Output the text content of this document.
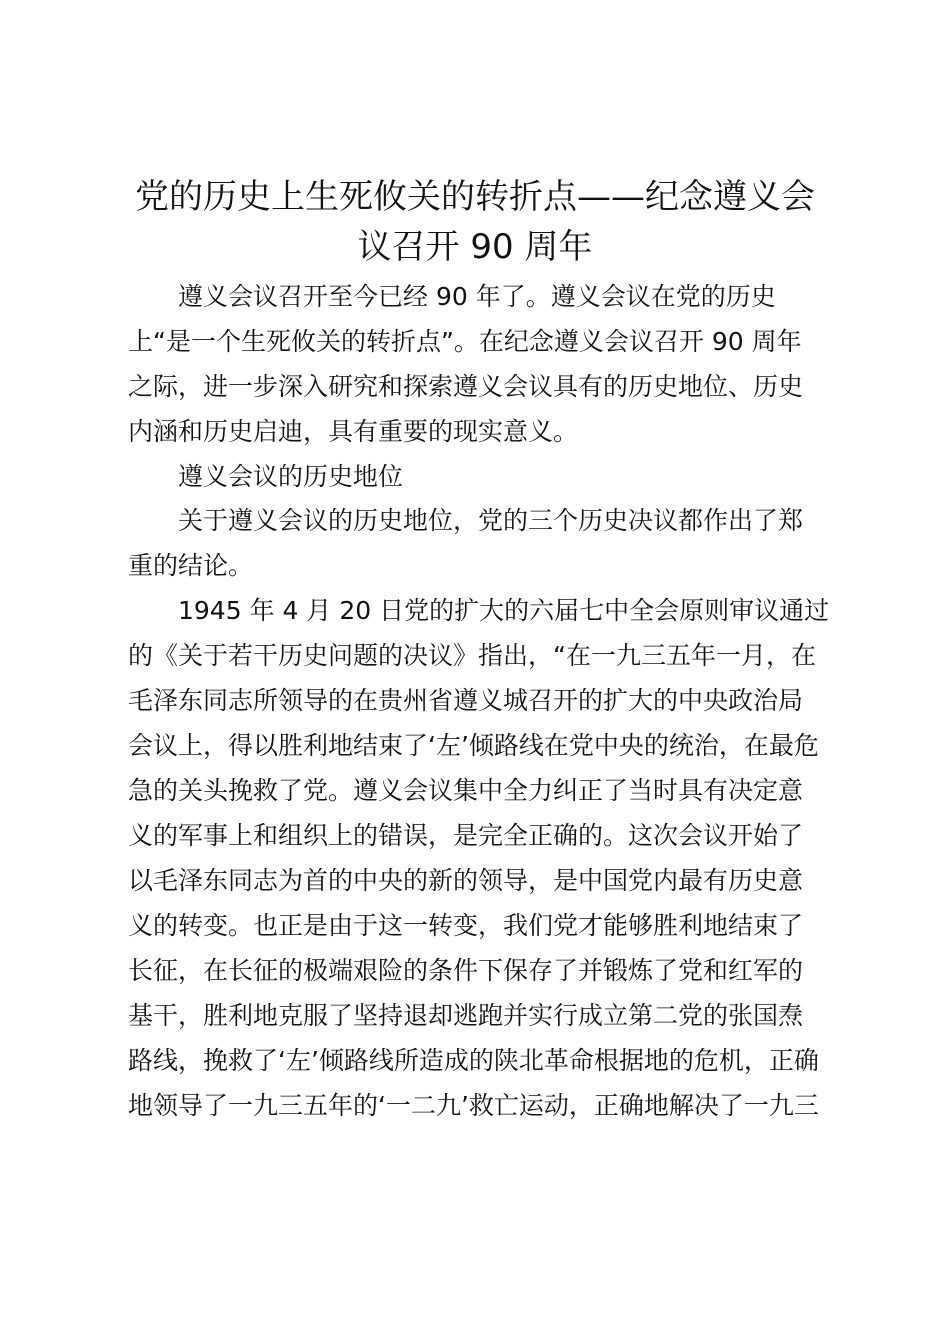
党的历史上生死攸关的转折点——纪念遵义会
议召开 90 周年
遵义会议召开至今已经 90 年了。遵义会议在党的历史
上“是一个生死攸关的转折点”。在纪念遵义会议召开 90 周年
之际，进一步深入研究和探索遵义会议具有的历史地位、历史
内涵和历史启迪，具有重要的现实意义。
遵义会议的历史地位
关于遵义会议的历史地位，党的三个历史决议都作出了郑
重的结论。
1945 年 4 月 20 日党的扩大的六届七中全会原则审议通过
的《关于若干历史问题的决议》指出，“在一九三五年一月，在
毛泽东同志所领导的在贵州省遵义城召开的扩大的中央政治局
会议上，得以胜利地结束了‘左’倾路线在党中央的统治，在最危
急的关头挽救了党。遵义会议集中全力纠正了当时具有决定意
义的军事上和组织上的错误，是完全正确的。这次会议开始了
以毛泽东同志为首的中央的新的领导，是中国党内最有历史意
义的转变。也正是由于这一转变，我们党才能够胜利地结束了
长征，在长征的极端艰险的条件下保存了并锻炼了党和红军的
基干，胜利地克服了坚持退却逃跑并实行成立第二党的张国焘
路线，挽救了‘左’倾路线所造成的陕北革命根据地的危机，正确
地领导了一九三五年的‘一二九’救亡运动，正确地解决了一九三
